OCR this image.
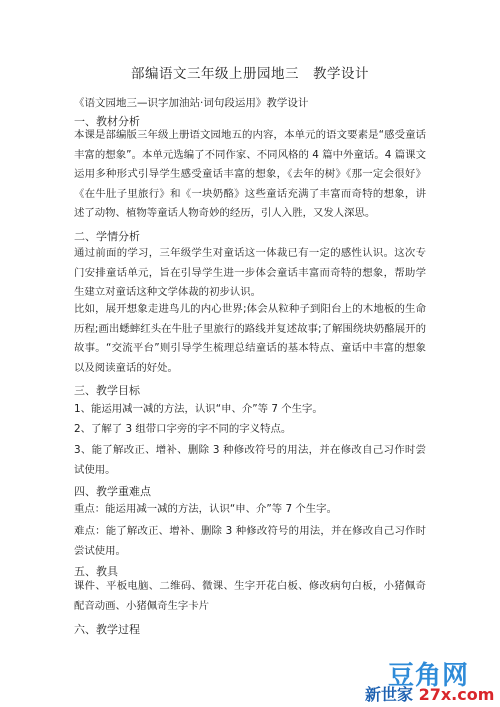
部编语文三年级上册园地三　教学设计
《语文园地三—识字加油站·词句段运用》教学设计
一、教材分析
本课是部编版三年级上册语文园地五的内容，本单元的语文要素是“感受童话丰富的想象”。本单元选编了不同作家、不同风格的 4 篇中外童话。4 篇课文运用多种形式引导学生感受童话丰富的想象，《去年的树》《那一定会很好》《在牛肚子里旅行》和《一块奶酪》这些童话充满了丰富而奇特的想象，讲述了动物、植物等童话人物奇妙的经历，引人入胜，又发人深思。
二、学情分析
通过前面的学习，三年级学生对童话这一体裁已有一定的感性认识。这次专门安排童话单元，旨在引导学生进一步体会童话丰富而奇特的想象，帮助学生建立对童话这种文学体裁的初步认识。
比如，展开想象走进鸟儿的内心世界;体会从粒种子到阳台上的木地板的生命历程;画出蟋蟀红头在牛肚子里旅行的路线并复述故事;了解围绕块奶酪展开的故事。“交流平台”则引导学生梳理总结童话的基本特点、童话中丰富的想象以及阅读童话的好处。
三、教学目标
1、能运用减一减的方法，认识“申、介”等 7 个生字。
2、了解了 3 组带口字旁的字不同的字义特点。
3、能了解改正、增补、删除 3 种修改符号的用法，并在修改自己习作时尝试使用。
四、教学重难点
重点：能运用减一减的方法，认识“申、介”等 7 个生字。
难点：能了解改正、增补、删除 3 种修改符号的用法，并在修改自己习作时尝试使用。
五、教具
课件、平板电脑、二维码、微课、生字开花白板、修改病句白板，小猪佩奇配音动画、小猪佩奇生字卡片
六、教学过程
豆角网
新世家 27x.com
